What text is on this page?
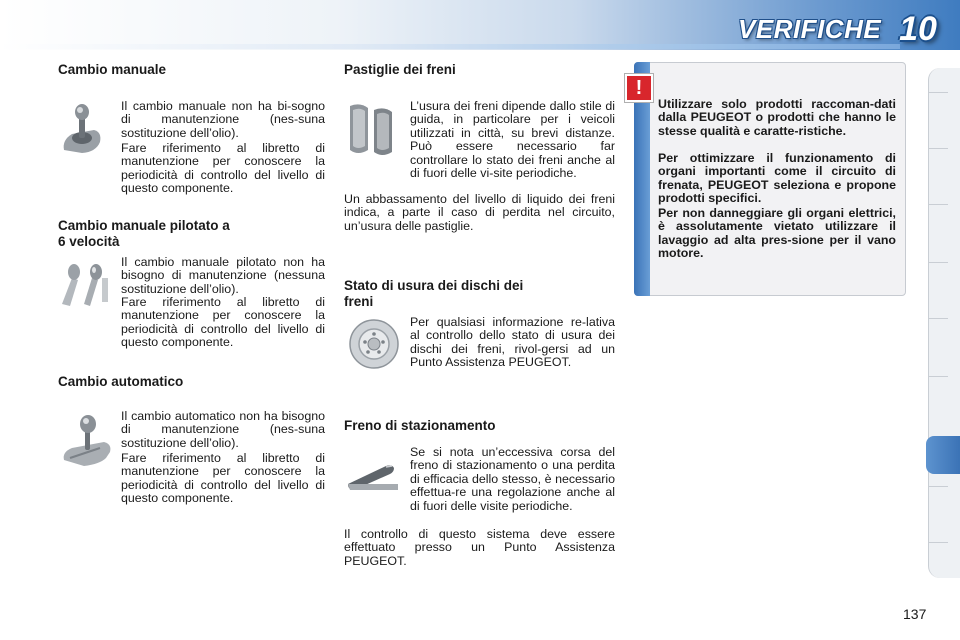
VERIFICHE 10
Cambio manuale
Il cambio manuale non ha bi-sogno di manutenzione (nes-suna sostituzione dell’olio).
Fare riferimento al libretto di manutenzione per conoscere la periodicità di controllo del livello di questo componente.
Cambio manuale pilotato a
6 velocità
Il cambio manuale pilotato non ha bisogno di manutenzione (nessuna sostituzione dell’olio).
Fare riferimento al libretto di manutenzione per conoscere la periodicità di controllo del livello di questo componente.
Cambio automatico
Il cambio automatico non ha bisogno di manutenzione (nes-suna sostituzione dell’olio).
Fare riferimento al libretto di manutenzione per conoscere la periodicità di controllo del livello di questo componente.
Pastiglie dei freni
L’usura dei freni dipende dallo stile di guida, in particolare per i veicoli utilizzati in città, su brevi distanze. Può essere necessario far controllare lo stato dei freni anche al di fuori delle vi-site periodiche.
Un abbassamento del livello di liquido dei freni indica, a parte il caso di perdita nel circuito, un’usura delle pastiglie.
Stato di usura dei dischi dei
freni
Per qualsiasi informazione re-lativa al controllo dello stato di usura dei dischi dei freni, rivol-gersi ad un Punto Assistenza PEUGEOT.
Freno di stazionamento
Se si nota un’eccessiva corsa del freno di stazionamento o una perdita di efficacia dello stesso, è necessario effettua-re una regolazione anche al di fuori delle visite periodiche.
Il controllo di questo sistema deve essere effettuato presso un Punto Assistenza PEUGEOT.
!
Utilizzare solo prodotti raccoman-dati dalla PEUGEOT o prodotti che hanno le stesse qualità e caratte-ristiche.
Per ottimizzare il funzionamento di organi importanti come il circuito di frenata, PEUGEOT seleziona e propone prodotti specifici.
Per non danneggiare gli organi elettrici, è assolutamente vietato utilizzare il lavaggio ad alta pres-sione per il vano motore.
137
